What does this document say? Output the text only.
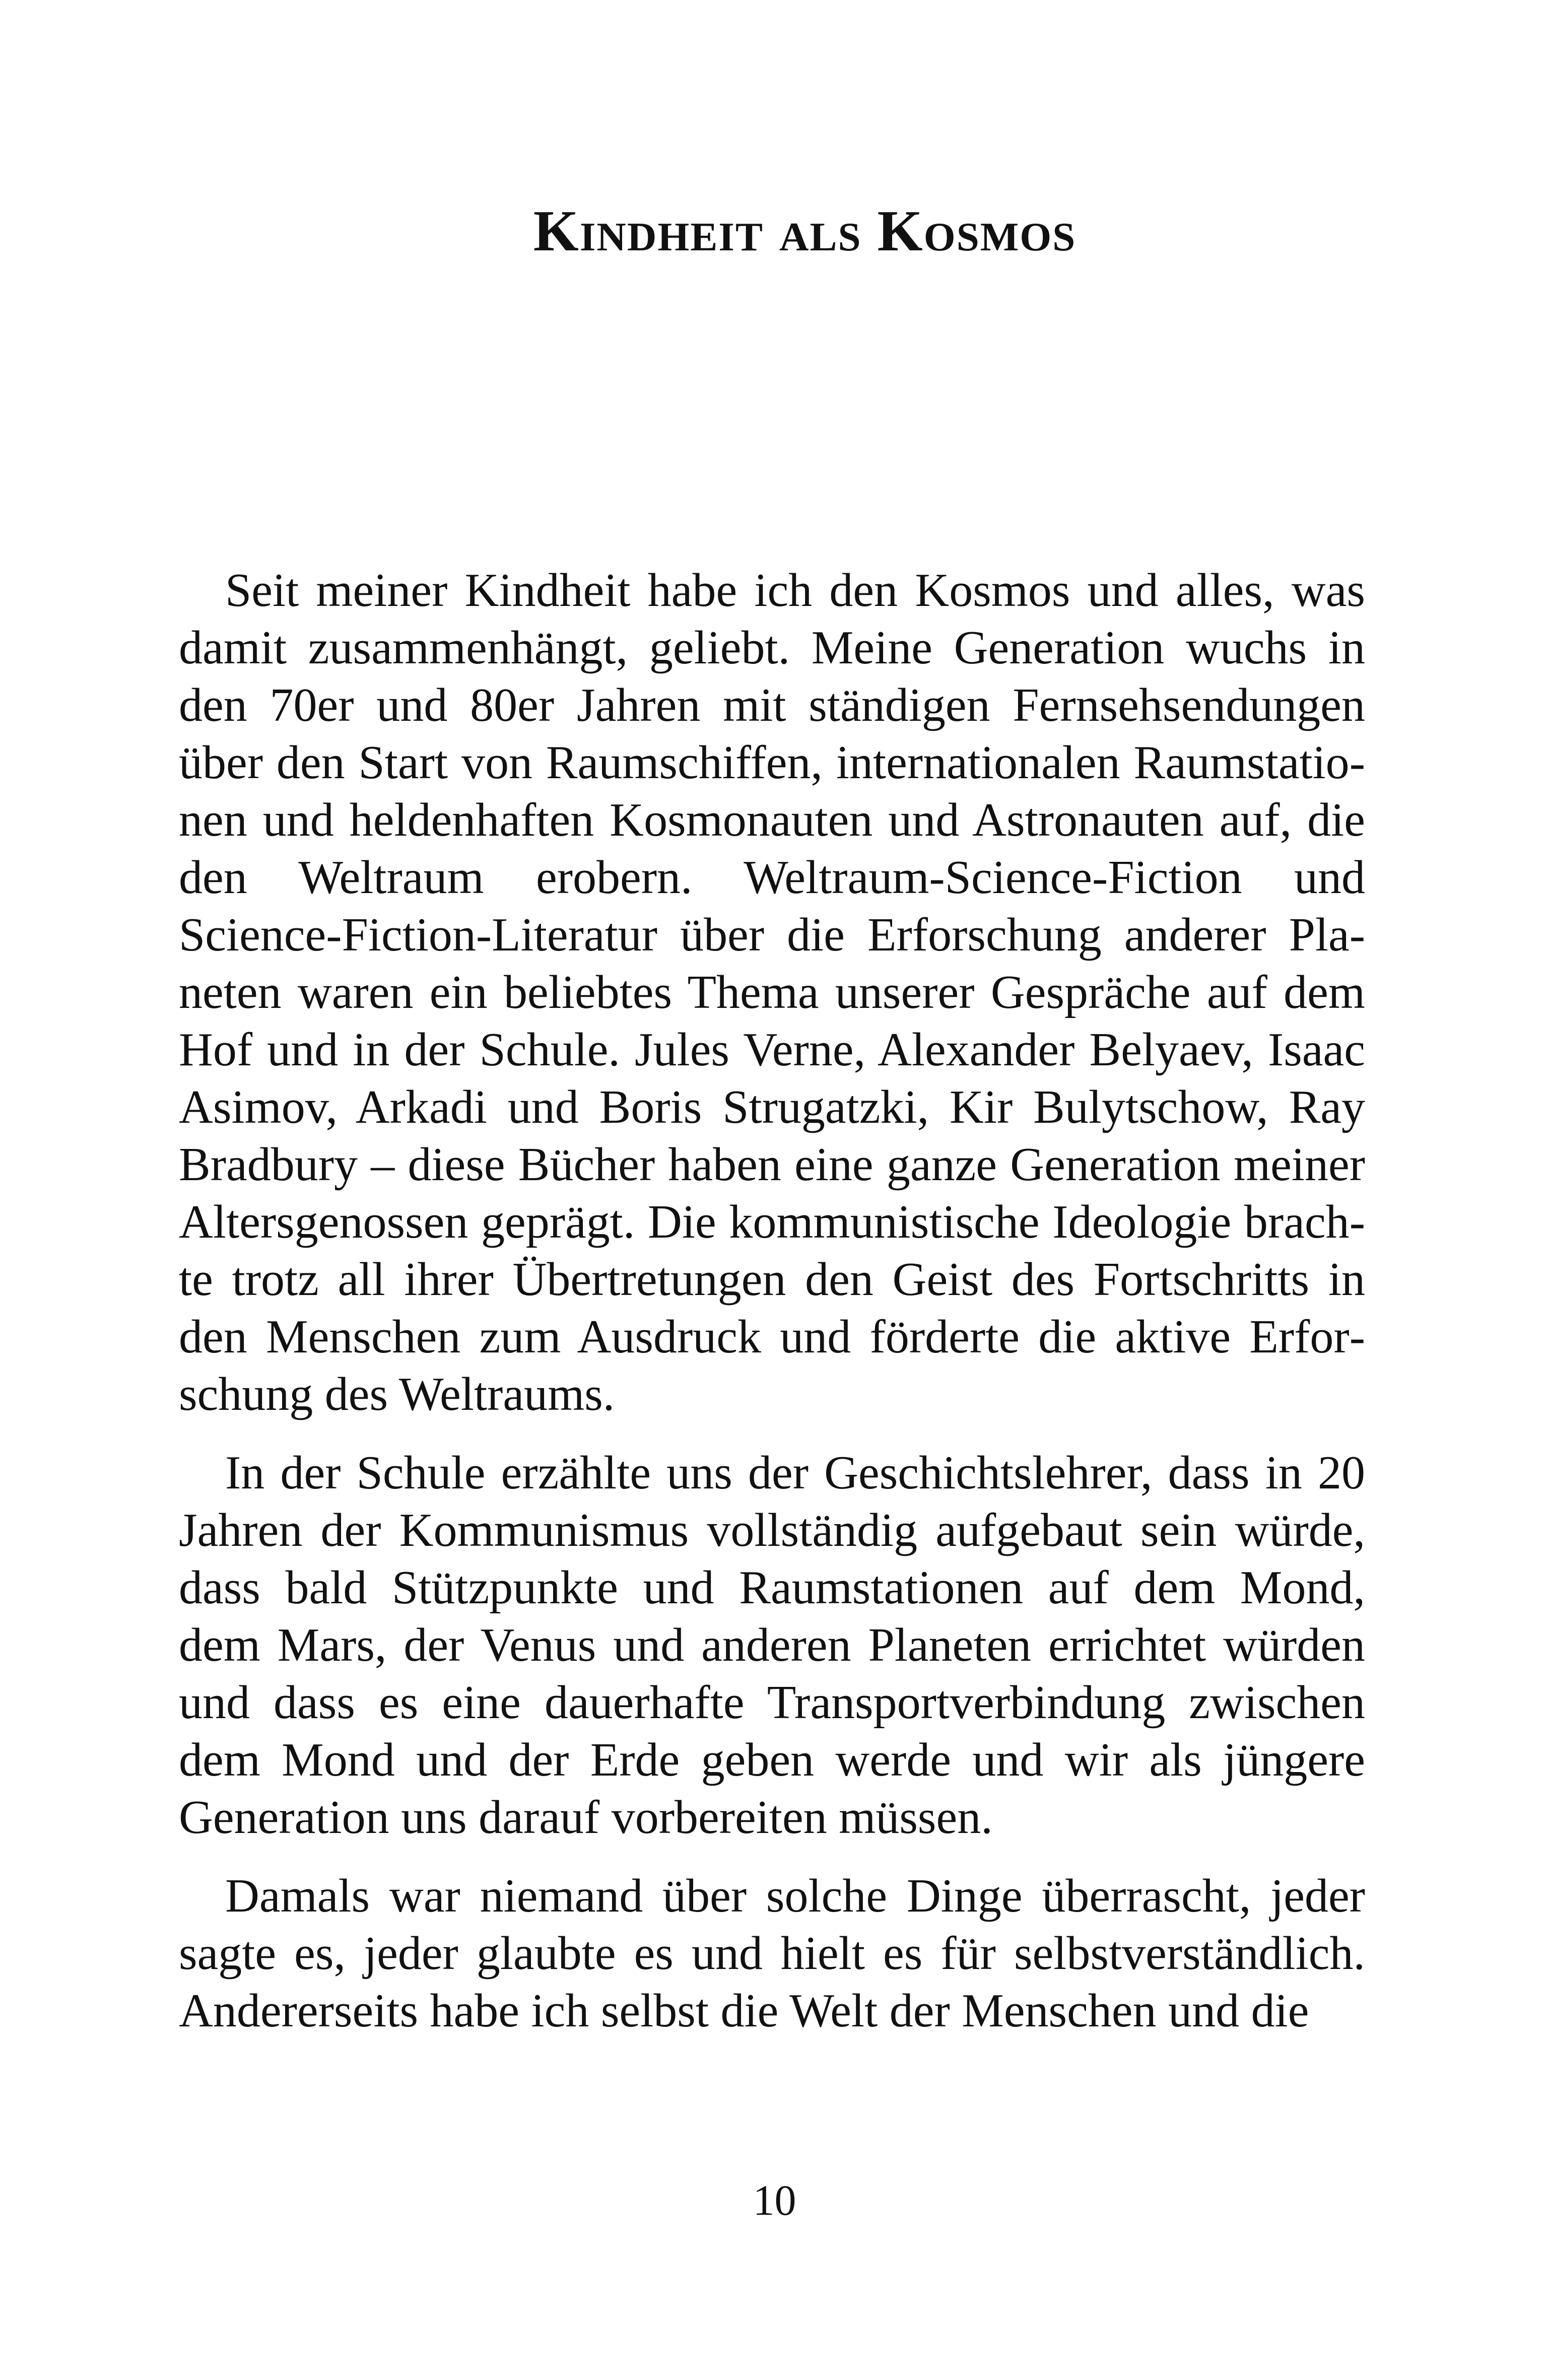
Kindheit als Kosmos

Seit meiner Kindheit habe ich den Kosmos und alles, was damit zusammenhängt, geliebt. Meine Generation wuchs in den 70er und 80er Jahren mit ständigen Fernsehsendungen über den Start von Raumschiffen, internationalen Raumstationen und heldenhaften Kosmonauten und Astronauten auf, die den Weltraum erobern. Weltraum-Science-Fiction und Science-Fiction-Literatur über die Erforschung anderer Planeten waren ein beliebtes Thema unserer Gespräche auf dem Hof und in der Schule. Jules Verne, Alexander Belyaev, Isaac Asimov, Arkadi und Boris Strugatzki, Kir Bulytschow, Ray Bradbury – diese Bücher haben eine ganze Generation meiner Altersgenossen geprägt. Die kommunistische Ideologie brachte trotz all ihrer Übertretungen den Geist des Fortschritts in den Menschen zum Ausdruck und förderte die aktive Erforschung des Weltraums.

In der Schule erzählte uns der Geschichtslehrer, dass in 20 Jahren der Kommunismus vollständig aufgebaut sein würde, dass bald Stützpunkte und Raumstationen auf dem Mond, dem Mars, der Venus und anderen Planeten errichtet würden und dass es eine dauerhafte Transportverbindung zwischen dem Mond und der Erde geben werde und wir als jüngere Generation uns darauf vorbereiten müssen.

Damals war niemand über solche Dinge überrascht, jeder sagte es, jeder glaubte es und hielt es für selbstverständlich. Andererseits habe ich selbst die Welt der Menschen und die

10
